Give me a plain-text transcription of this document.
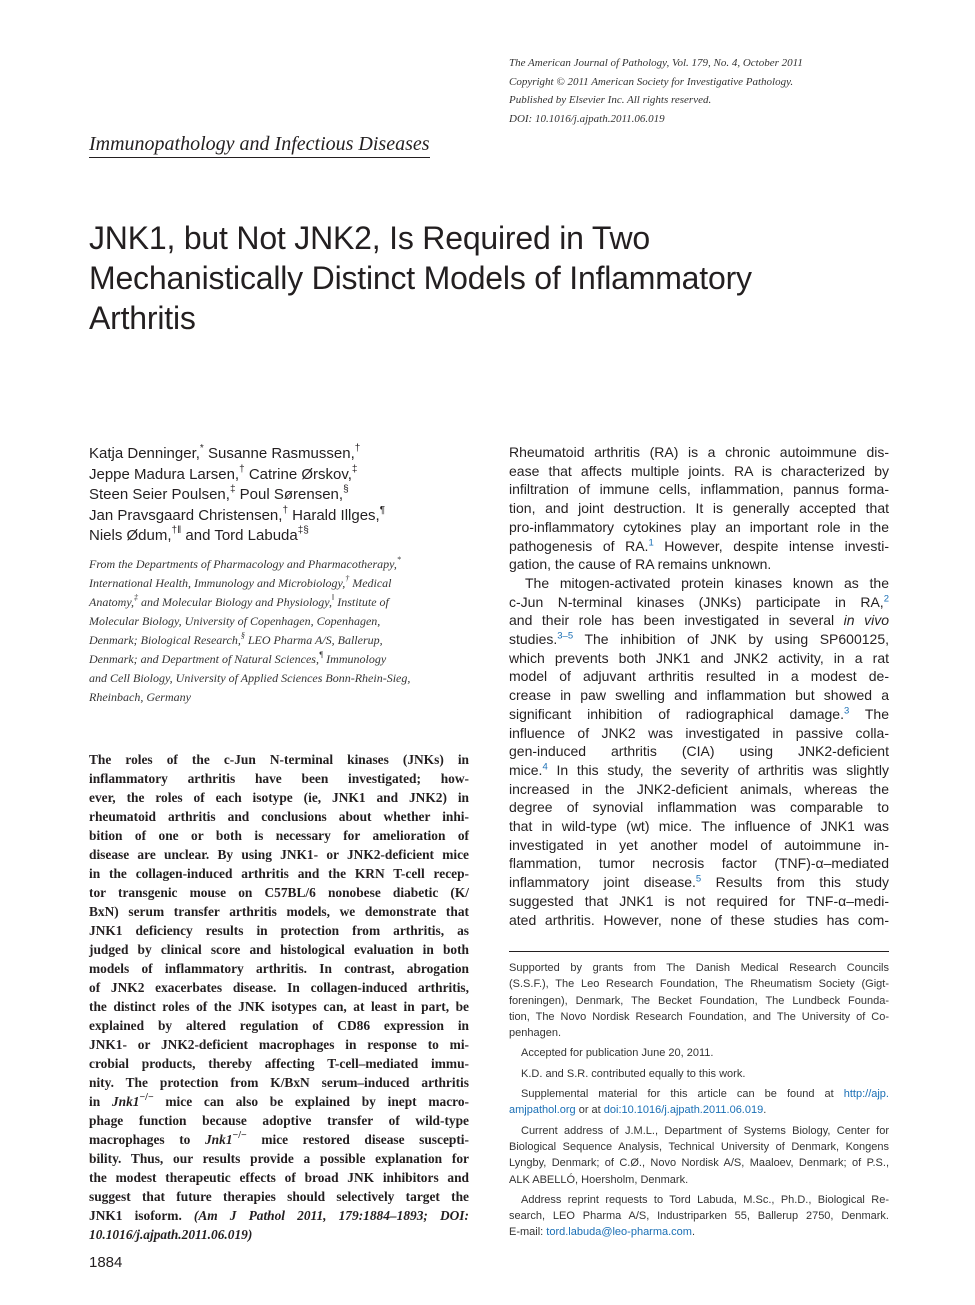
The American Journal of Pathology, Vol. 179, No. 4, October 2011
Copyright © 2011 American Society for Investigative Pathology.
Published by Elsevier Inc. All rights reserved.
DOI: 10.1016/j.ajpath.2011.06.019
Immunopathology and Infectious Diseases
JNK1, but Not JNK2, Is Required in Two
Mechanistically Distinct Models of Inflammatory
Arthritis
Katja Denninger,* Susanne Rasmussen,†
Jeppe Madura Larsen,† Catrine Ørskov,‡
Steen Seier Poulsen,‡ Poul Sørensen,§
Jan Pravsgaard Christensen,† Harald Illges,¶
Niels Ødum,†‖ and Tord Labuda‡§
From the Departments of Pharmacology and Pharmacotherapy,*
International Health, Immunology and Microbiology,† Medical
Anatomy,‡ and Molecular Biology and Physiology,‖ Institute of
Molecular Biology, University of Copenhagen, Copenhagen,
Denmark; Biological Research,§ LEO Pharma A/S, Ballerup,
Denmark; and Department of Natural Sciences,¶ Immunology
and Cell Biology, University of Applied Sciences Bonn-Rhein-Sieg,
Rheinbach, Germany
The roles of the c-Jun N-terminal kinases (JNKs) in
inflammatory arthritis have been investigated; how-
ever, the roles of each isotype (ie, JNK1 and JNK2) in
rheumatoid arthritis and conclusions about whether inhi-
bition of one or both is necessary for amelioration of
disease are unclear. By using JNK1- or JNK2-deficient mice
in the collagen-induced arthritis and the KRN T-cell recep-
tor transgenic mouse on C57BL/6 nonobese diabetic (K/
BxN) serum transfer arthritis models, we demonstrate that
JNK1 deficiency results in protection from arthritis, as
judged by clinical score and histological evaluation in both
models of inflammatory arthritis. In contrast, abrogation
of JNK2 exacerbates disease. In collagen-induced arthritis,
the distinct roles of the JNK isotypes can, at least in part, be
explained by altered regulation of CD86 expression in
JNK1- or JNK2-deficient macrophages in response to mi-
crobial products, thereby affecting T-cell–mediated immu-
nity. The protection from K/BxN serum–induced arthritis
in Jnk1−/− mice can also be explained by inept macro-
phage function because adoptive transfer of wild-type
macrophages to Jnk1−/− mice restored disease suscepti-
bility. Thus, our results provide a possible explanation for
the modest therapeutic effects of broad JNK inhibitors and
suggest that future therapies should selectively target the
JNK1 isoform. (Am J Pathol 2011, 179:1884–1893; DOI:
10.1016/j.ajpath.2011.06.019)
Rheumatoid arthritis (RA) is a chronic autoimmune dis-
ease that affects multiple joints. RA is characterized by
infiltration of immune cells, inflammation, pannus forma-
tion, and joint destruction. It is generally accepted that
pro-inflammatory cytokines play an important role in the
pathogenesis of RA.$^1$ However, despite intense investi-
gation, the cause of RA remains unknown.
The mitogen-activated protein kinases known as the
c-Jun N-terminal kinases (JNKs) participate in RA,$^2$
and their role has been investigated in several in vivo
studies.$^{3-5}$ The inhibition of JNK by using SP600125,
which prevents both JNK1 and JNK2 activity, in a rat
model of adjuvant arthritis resulted in a modest de-
crease in paw swelling and inflammation but showed a
significant inhibition of radiographical damage.$^3$ The
influence of JNK2 was investigated in passive colla-
gen-induced arthritis (CIA) using JNK2-deficient
mice.$^4$ In this study, the severity of arthritis was slightly
increased in the JNK2-deficient animals, whereas the
degree of synovial inflammation was comparable to
that in wild-type (wt) mice. The influence of JNK1 was
investigated in yet another model of autoimmune in-
flammation, tumor necrosis factor (TNF)-α–mediated
inflammatory joint disease.$^5$ Results from this study
suggested that JNK1 is not required for TNF-α–medi-
ated arthritis. However, none of these studies has com-
Supported by grants from The Danish Medical Research Councils
(S.S.F.), The Leo Research Foundation, The Rheumatism Society (Gigt-
foreningen), Denmark, The Becket Foundation, The Lundbeck Founda-
tion, The Novo Nordisk Research Foundation, and The University of Co-
penhagen.
Accepted for publication June 20, 2011.
K.D. and S.R. contributed equally to this work.
Supplemental material for this article can be found at http://ajp.
amjpathol.org or at doi:10.1016/j.ajpath.2011.06.019.
Current address of J.M.L., Department of Systems Biology, Center for
Biological Sequence Analysis, Technical University of Denmark, Kongens
Lyngby, Denmark; of C.Ø., Novo Nordisk A/S, Maaloev, Denmark; of P.S.,
ALK ABELLÓ, Hoersholm, Denmark.
Address reprint requests to Tord Labuda, M.Sc., Ph.D., Biological Re-
search, LEO Pharma A/S, Industriparken 55, Ballerup 2750, Denmark.
E-mail: tord.labuda@leo-pharma.com.
1884
